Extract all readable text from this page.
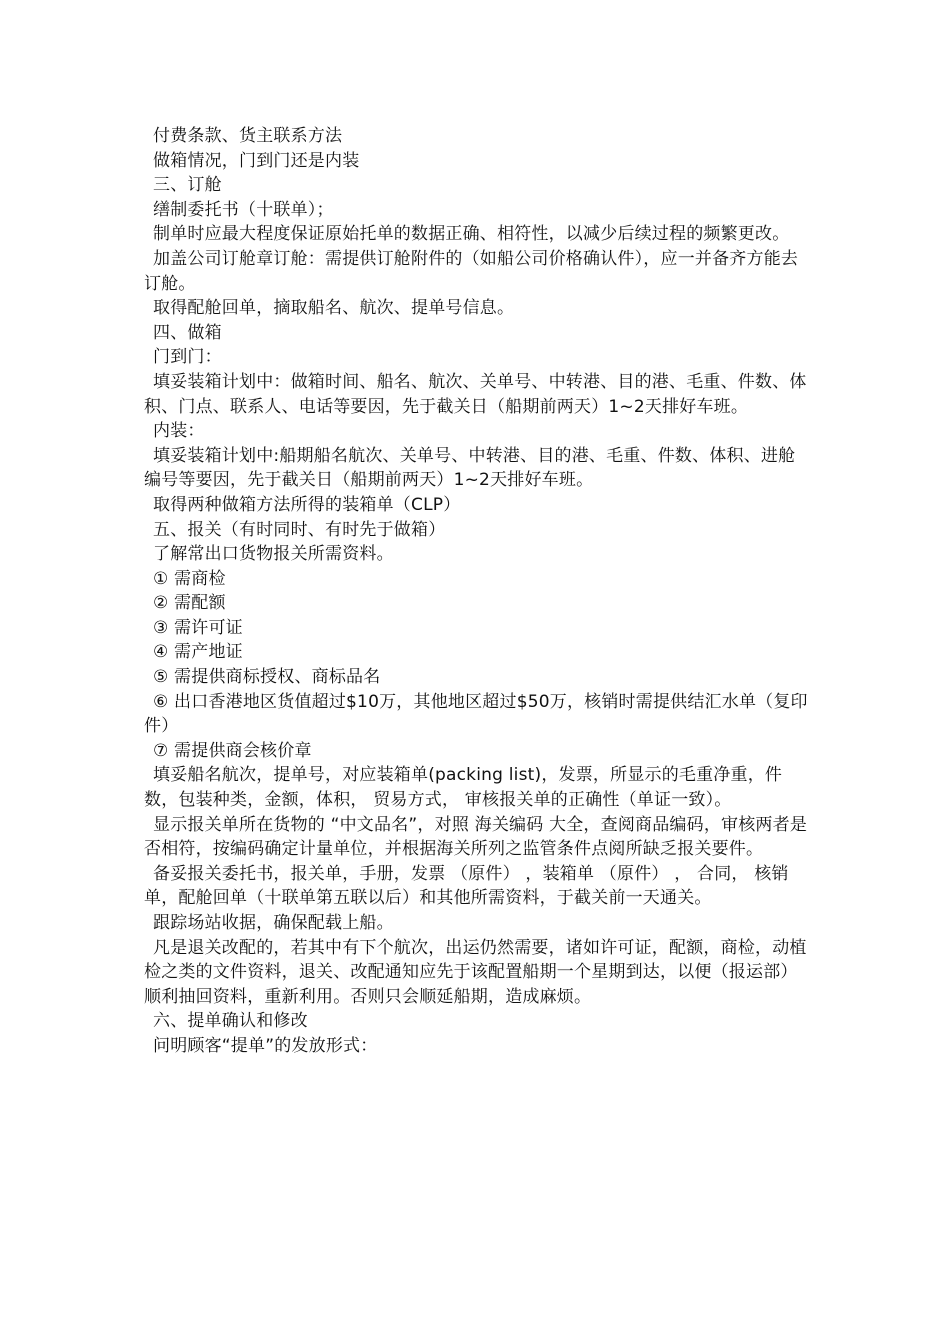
付费条款、货主联系方法

做箱情况，门到门还是内装

三、订舱

缮制委托书（十联单）；

制单时应最大程度保证原始托单的数据正确、相符性，以减少后续过程的频繁更改。

加盖公司订舱章订舱：需提供订舱附件的（如船公司价格确认件），应一并备齐方能去订舱。

取得配舱回单，摘取船名、航次、提单号信息。

四、做箱

门到门：

填妥装箱计划中：做箱时间、船名、航次、关单号、中转港、目的港、毛重、件数、体积、门点、联系人、电话等要因，先于截关日（船期前两天）1~2天排好车班。

内装：

填妥装箱计划中:船期船名航次、关单号、中转港、目的港、毛重、件数、体积、进舱编号等要因，先于截关日（船期前两天）1~2天排好车班。

取得两种做箱方法所得的装箱单（CLP）

五、报关（有时同时、有时先于做箱）

了解常出口货物报关所需资料。

① 需商检

② 需配额

③ 需许可证

④ 需产地证

⑤ 需提供商标授权、商标品名

⑥ 出口香港地区货值超过$10万，其他地区超过$50万，核销时需提供结汇水单（复印件）

⑦ 需提供商会核价章

填妥船名航次，提单号，对应装箱单(packing list)，发票，所显示的毛重净重，件数，包装种类，金额，体积， 贸易方式， 审核报关单的正确性（单证一致）。

显示报关单所在货物的 “中文品名”，对照 海关编码 大全，查阅商品编码，审核两者是否相符，按编码确定计量单位，并根据海关所列之监管条件点阅所缺乏报关要件。

备妥报关委托书，报关单，手册，发票 （原件） ，装箱单 （原件） ， 合同， 核销单，配舱回单（十联单第五联以后）和其他所需资料，于截关前一天通关。

跟踪场站收据，确保配载上船。

凡是退关改配的，若其中有下个航次，出运仍然需要，诸如许可证，配额，商检，动植检之类的文件资料，退关、改配通知应先于该配置船期一个星期到达，以便（报运部）顺利抽回资料，重新利用。否则只会顺延船期，造成麻烦。

六、提单确认和修改

问明顾客“提单”的发放形式：
